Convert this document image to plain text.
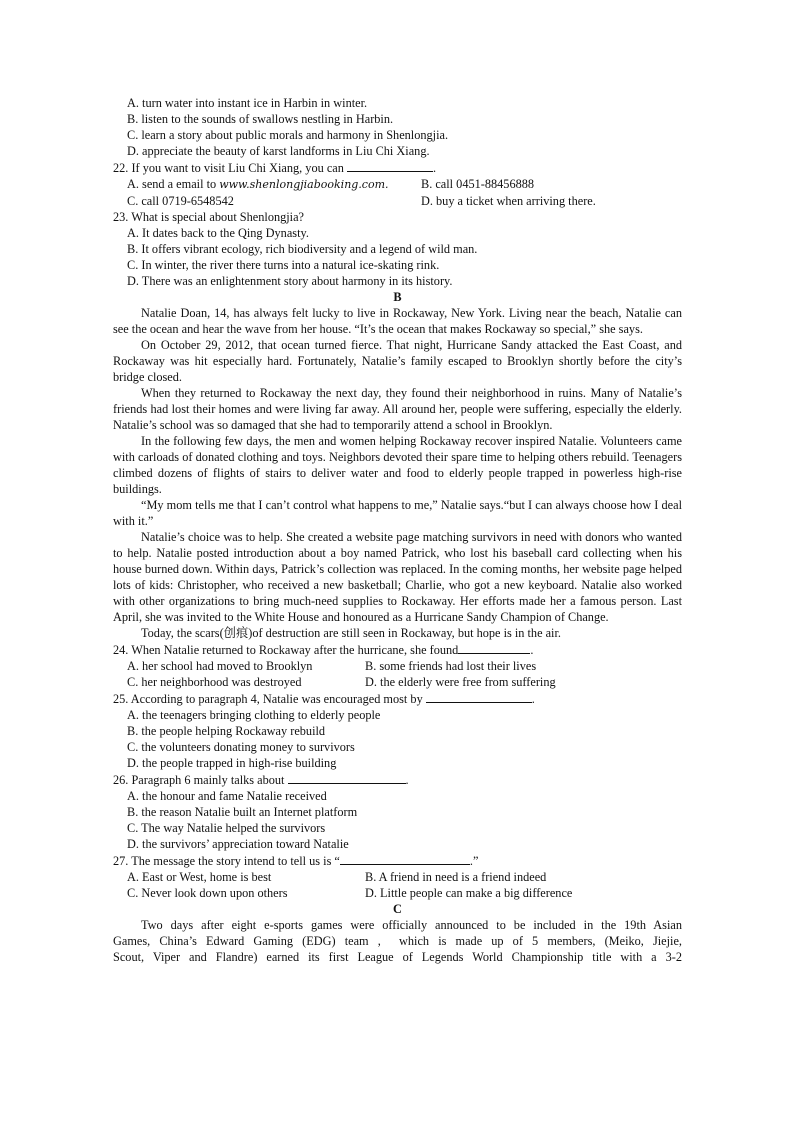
A. turn water into instant ice in Harbin in winter.
B. listen to the sounds of swallows nestling in Harbin.
C. learn a story about public morals and harmony in Shenlongjia.
D. appreciate the beauty of karst landforms in Liu Chi Xiang.
22. If you want to visit Liu Chi Xiang, you can	.
A. send a email to www.shenlongjiabooking.com.	B. call 0451-88456888
C. call 0719-6548542	D. buy a ticket when arriving there.
23. What is special about Shenlongjia?
A. It dates back to the Qing Dynasty.
B. It offers vibrant ecology, rich biodiversity and a legend of wild man.
C. In winter, the river there turns into a natural ice-skating rink.
D. There was an enlightenment story about harmony in its history.
B

Natalie Doan, 14, has always felt lucky to live in Rockaway, New York. Living near the beach, Natalie can see the ocean and hear the wave from her house. “It’s the ocean that makes Rockaway so special,” she says.

On October 29, 2012, that ocean turned fierce. That night, Hurricane Sandy attacked the East Coast, and Rockaway was hit especially hard. Fortunately, Natalie’s family escaped to Brooklyn shortly before the city’s bridge closed.

When they returned to Rockaway the next day, they found their neighborhood in ruins. Many of Natalie’s friends had lost their homes and were living far away. All around her, people were suffering, especially the elderly. Natalie’s school was so damaged that she had to temporarily attend a school in Brooklyn.

In the following few days, the men and women helping Rockaway recover inspired Natalie. Volunteers came with carloads of donated clothing and toys. Neighbors devoted their spare time to helping others rebuild. Teenagers climbed dozens of flights of stairs to deliver water and food to elderly people trapped in powerless high-rise buildings.

“My mom tells me that I can’t control what happens to me,” Natalie says.“but I can always choose how I deal with it.”

Natalie’s choice was to help. She created a website page matching survivors in need with donors who wanted to help. Natalie posted introduction about a boy named Patrick, who lost his baseball card collecting when his house burned down. Within days, Patrick’s collection was replaced. In the coming months, her website page helped lots of kids: Christopher, who received a new basketball; Charlie, who got a new keyboard. Natalie also worked with other organizations to bring much-need supplies to Rockaway. Her efforts made her a famous person. Last April, she was invited to the White House and honoured as a Hurricane Sandy Champion of Change.

Today, the scars(创痕)of destruction are still seen in Rockaway, but hope is in the air.

24. When Natalie returned to Rockaway after the hurricane, she found	.
A. her school had moved to Brooklyn	B. some friends had lost their lives
C. her neighborhood was destroyed	D. the elderly were free from suffering
25. According to paragraph 4, Natalie was encouraged most by	.
A. the teenagers bringing clothing to elderly people
B. the people helping Rockaway rebuild
C. the volunteers donating money to survivors
D. the people trapped in high-rise building
26. Paragraph 6 mainly talks about	.
A. the honour and fame Natalie received
B. the reason Natalie built an Internet platform
C. The way Natalie helped the survivors
D. the survivors’ appreciation toward Natalie
27. The message the story intend to tell us is “	.”
A. East or West, home is best	B. A friend in need is a friend indeed
C. Never look down upon others	D. Little people can make a big difference
C
Two days after eight e-sports games were officially announced to be included in the 19th Asian
Games, China’s Edward Gaming (EDG) team ,  which is made up of 5 members, (Meiko, Jiejie,
Scout, Viper and Flandre) earned its first League of Legends World Championship title with a 3-2
